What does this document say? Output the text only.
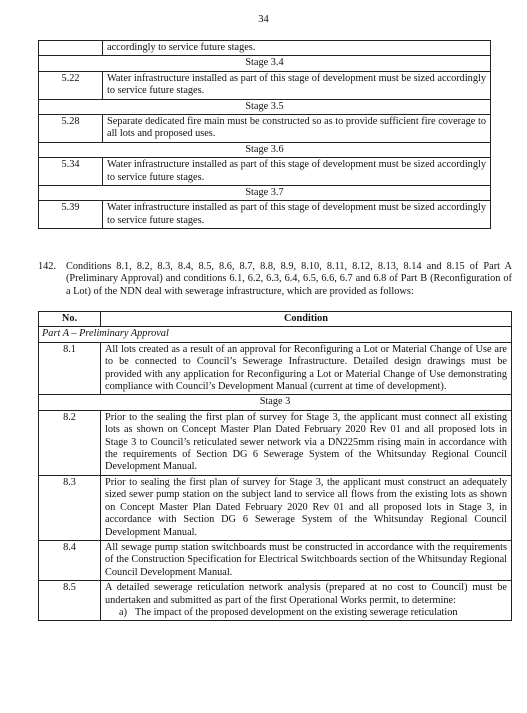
34
	accordingly to service future stages.
Stage 3.4	
5.22	Water infrastructure installed as part of this stage of development must be sized accordingly to service future stages.
Stage 3.5	
5.28	Separate dedicated fire main must be constructed so as to provide sufficient fire coverage to all lots and proposed uses.
Stage 3.6	
5.34	Water infrastructure installed as part of this stage of development must be sized accordingly to service future stages.
Stage 3.7	
5.39	Water infrastructure installed as part of this stage of development must be sized accordingly to service future stages.
142. Conditions 8.1, 8.2, 8.3, 8.4, 8.5, 8.6, 8.7, 8.8, 8.9, 8.10, 8.11, 8.12, 8.13, 8.14 and 8.15 of Part A (Preliminary Approval) and conditions 6.1, 6.2, 6.3, 6.4, 6.5, 6.6, 6.7 and 6.8 of Part B (Reconfiguration of a Lot) of the NDN deal with sewerage infrastructure, which are provided as follows:
No.	Condition
Part A – Preliminary Approval	
8.1	All lots created as a result of an approval for Reconfiguring a Lot or Material Change of Use are to be connected to Council’s Sewerage Infrastructure. Detailed design drawings must be provided with any application for Reconfiguring a Lot or Material Change of Use demonstrating compliance with Council’s Development Manual (current at time of development).
Stage 3	
8.2	Prior to the sealing the first plan of survey for Stage 3, the applicant must connect all existing lots as shown on Concept Master Plan Dated February 2020 Rev 01 and all proposed lots in Stage 3 to Council’s reticulated sewer network via a DN225mm rising main in accordance with the requirements of Section DG 6 Sewerage System of the Whitsunday Regional Council Development Manual.
8.3	Prior to sealing the first plan of survey for Stage 3, the applicant must construct an adequately sized sewer pump station on the subject land to service all flows from the existing lots as shown on Concept Master Plan Dated February 2020 Rev 01 and all proposed lots in Stage 3, in accordance with Section DG 6 Sewerage System of the Whitsunday Regional Council Development Manual.
8.4	All sewage pump station switchboards must be constructed in accordance with the requirements of the Construction Specification for Electrical Switchboards section of the Whitsunday Regional Council Development Manual.
8.5	A detailed sewerage reticulation network analysis (prepared at no cost to Council) must be undertaken and submitted as part of the first Operational Works permit, to determine:
a) The impact of the proposed development on the existing sewerage reticulation
